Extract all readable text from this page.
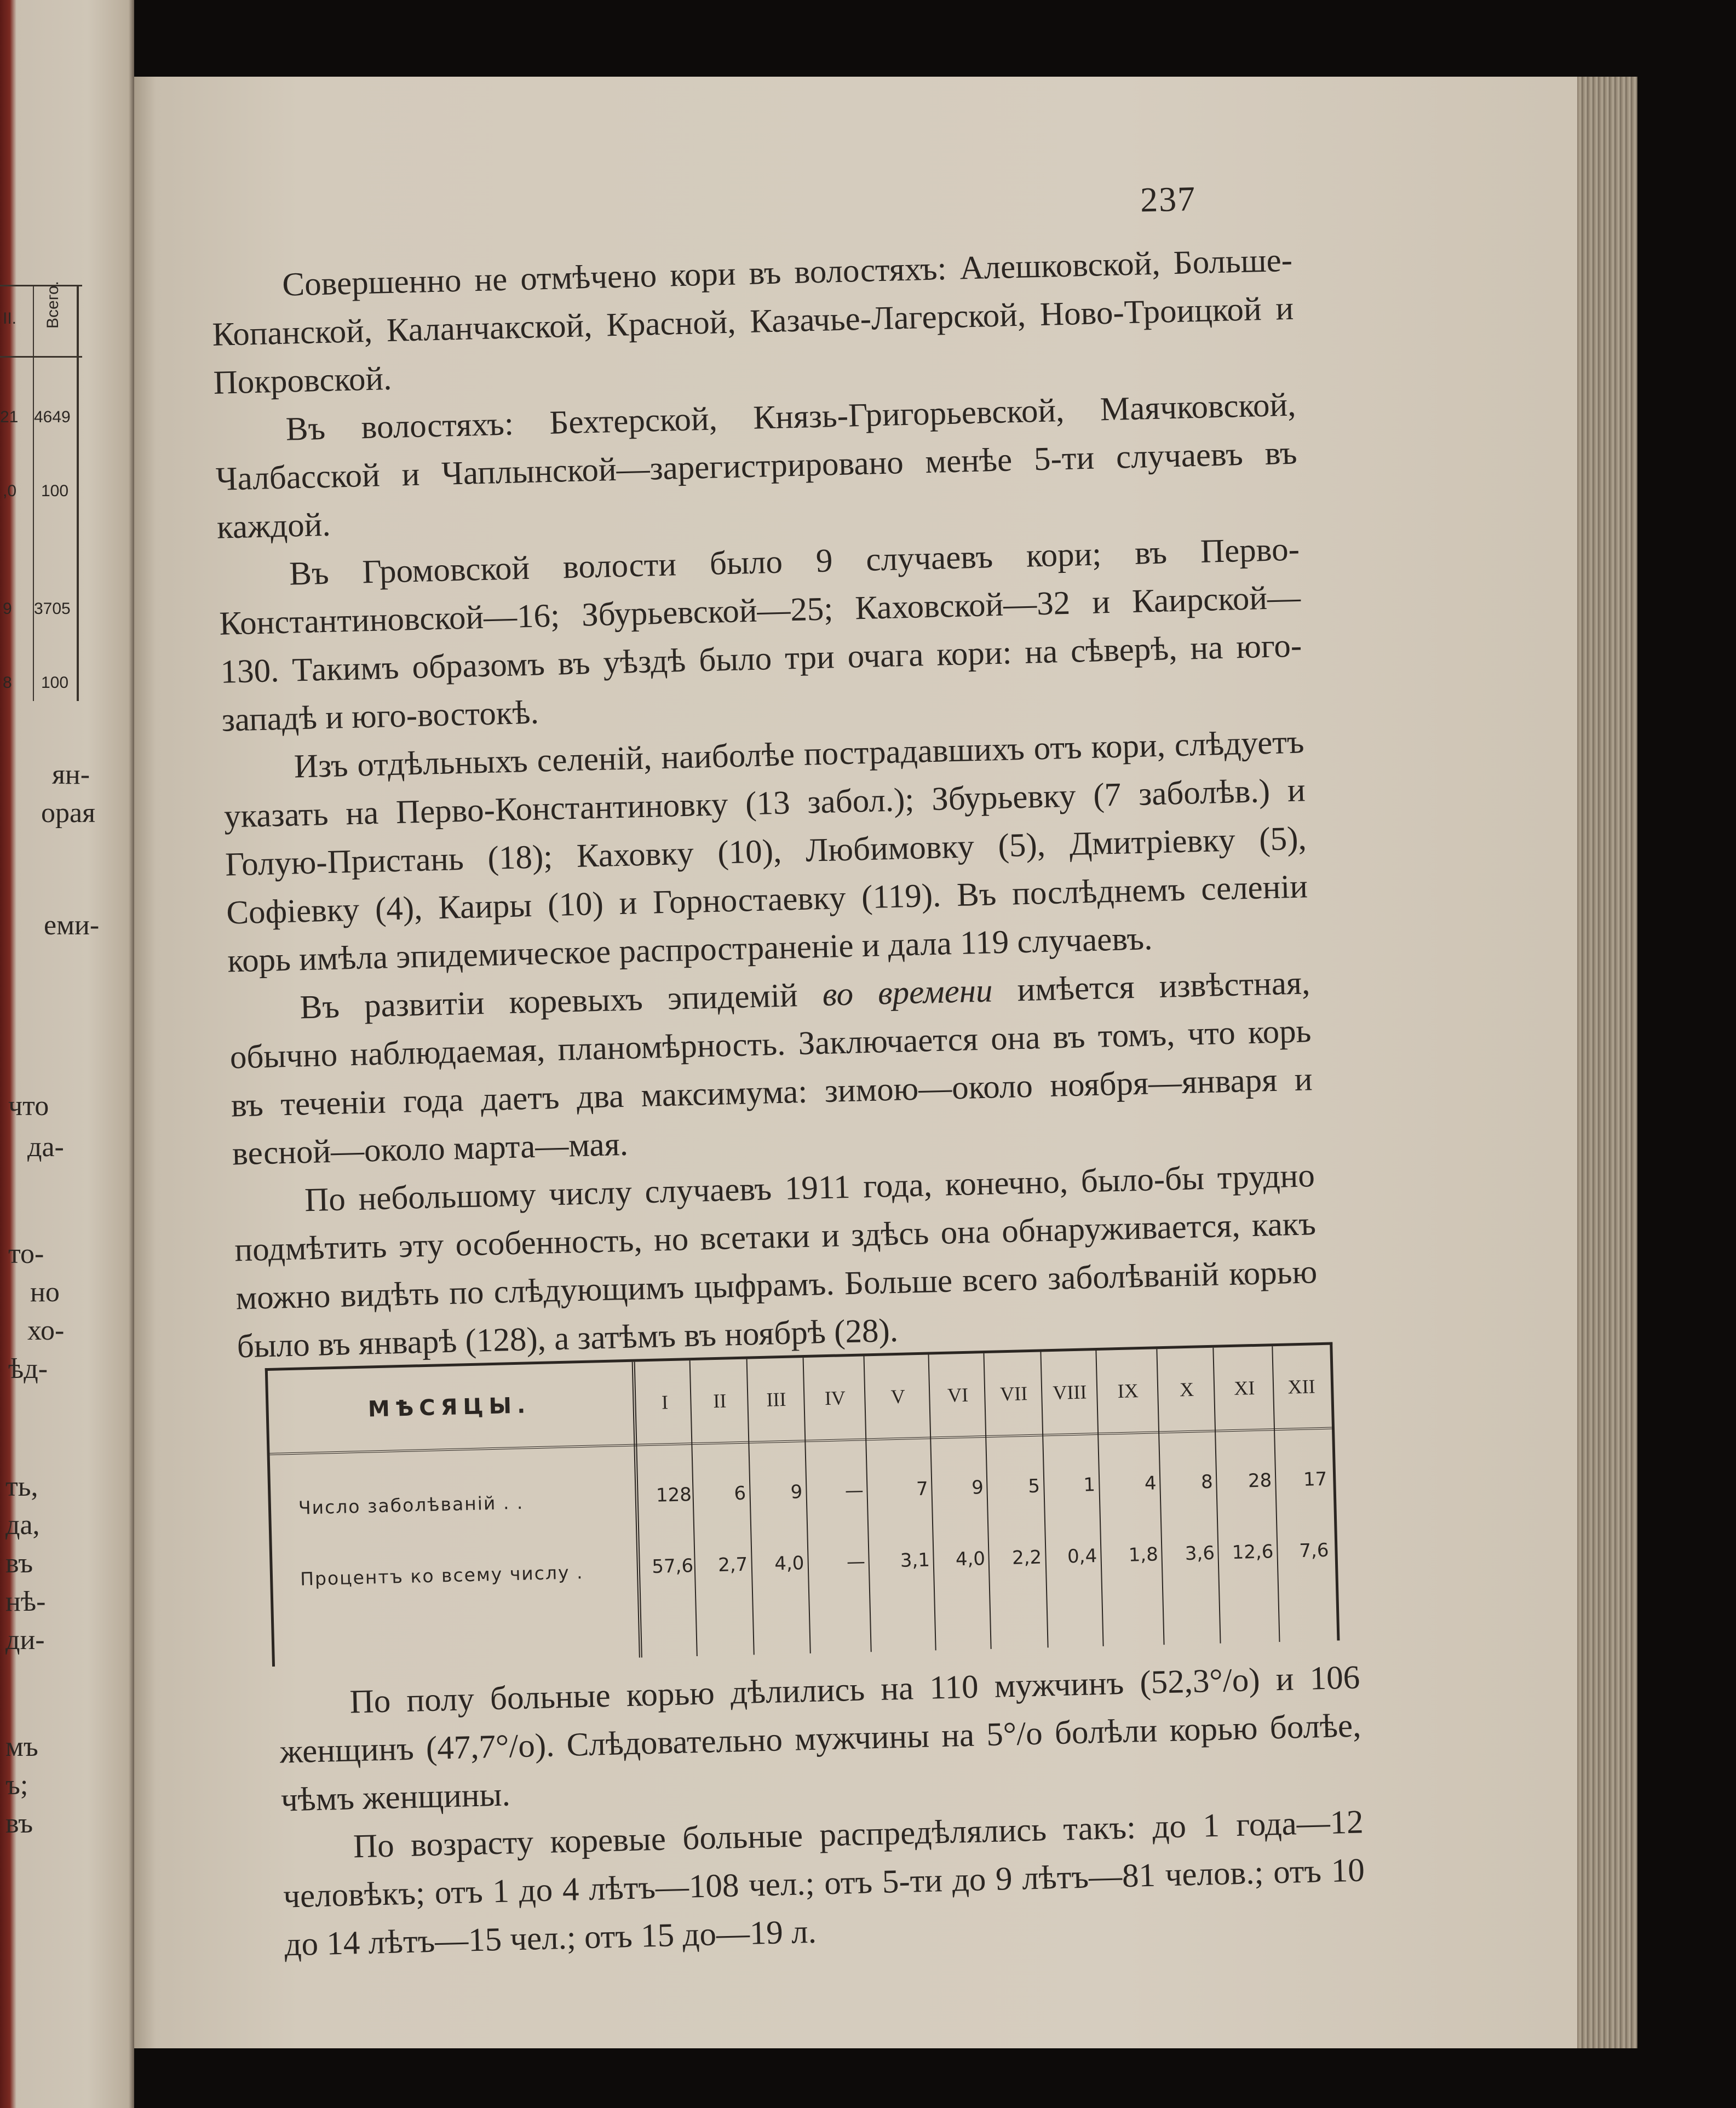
ІІ. Всего.
21 4649
,0 100
9 3705
8 100
ян-
орая
еми-
что
да-
то-
но
хо-
ѣд-
ть,
да,
въ
нѣ-
ди-
мъ
ъ;
въ
237

Совершенно не отмѣчено кори въ волостяхъ: Алешковской, Больше-Копанской, Каланчакской, Красной, Казачье-Лагерской, Ново-Троицкой и Покровской.

Въ волостяхъ: Бехтерской, Князь-Григорьевской, Маячковской, Чалбасской и Чаплынской—зарегистрировано менѣе 5-ти случаевъ въ каждой.

Въ Громовской волости было 9 случаевъ кори; въ Перво-Константиновской—16; Збурьевской—25; Каховской—32 и Каирской—130. Такимъ образомъ въ уѣздѣ было три очага кори: на сѣверѣ, на юго-западѣ и юго-востокѣ.

Изъ отдѣльныхъ селеній, наиболѣе пострадавшихъ отъ кори, слѣдуетъ указать на Перво-Константиновку (13 забол.); Збурьевку (7 заболѣв.) и Голую-Пристань (18); Каховку (10), Любимовку (5), Дмитріевку (5), Софіевку (4), Каиры (10) и Горностаевку (119). Въ послѣднемъ селеніи корь имѣла эпидемическое распространеніе и дала 119 случаевъ.

Въ развитіи коревыхъ эпидемій во времени имѣется извѣстная, обычно наблюдаемая, планомѣрность. Заключается она въ томъ, что корь въ теченіи года даетъ два максимума: зимою—около ноября—января и весной—около марта—мая.

По небольшому числу случаевъ 1911 года, конечно, было-бы трудно подмѣтить эту особенность, но всетаки и здѣсь она обнаруживается, какъ можно видѣть по слѣдующимъ цыфрамъ. Больше всего заболѣваній корью было въ январѣ (128), а затѣмъ въ ноябрѣ (28).

МѢСЯЦЫ.
Число заболѣваній . .
Процентъ ко всему числу .
I
128
57,6
II
6
2,7
III
9
4,0
IV
—
—
V
7
3,1
VI
9
4,0
VII
5
2,2
VIII
1
0,4
IX
4
1,8
X
8
3,6
XI
28
12,6
XII
17
7,6

По полу больные корью дѣлились на 110 мужчинъ (52,3°/o) и 106 женщинъ (47,7°/o). Слѣдовательно мужчины на 5°/o болѣли корью болѣе, чѣмъ женщины.

По возрасту коревые больные распредѣлялись такъ: до 1 года—12 человѣкъ; отъ 1 до 4 лѣтъ—108 чел.; отъ 5-ти до 9 лѣтъ—81 челов.; отъ 10 до 14 лѣтъ—15 чел.; отъ 15 до—19 л.
